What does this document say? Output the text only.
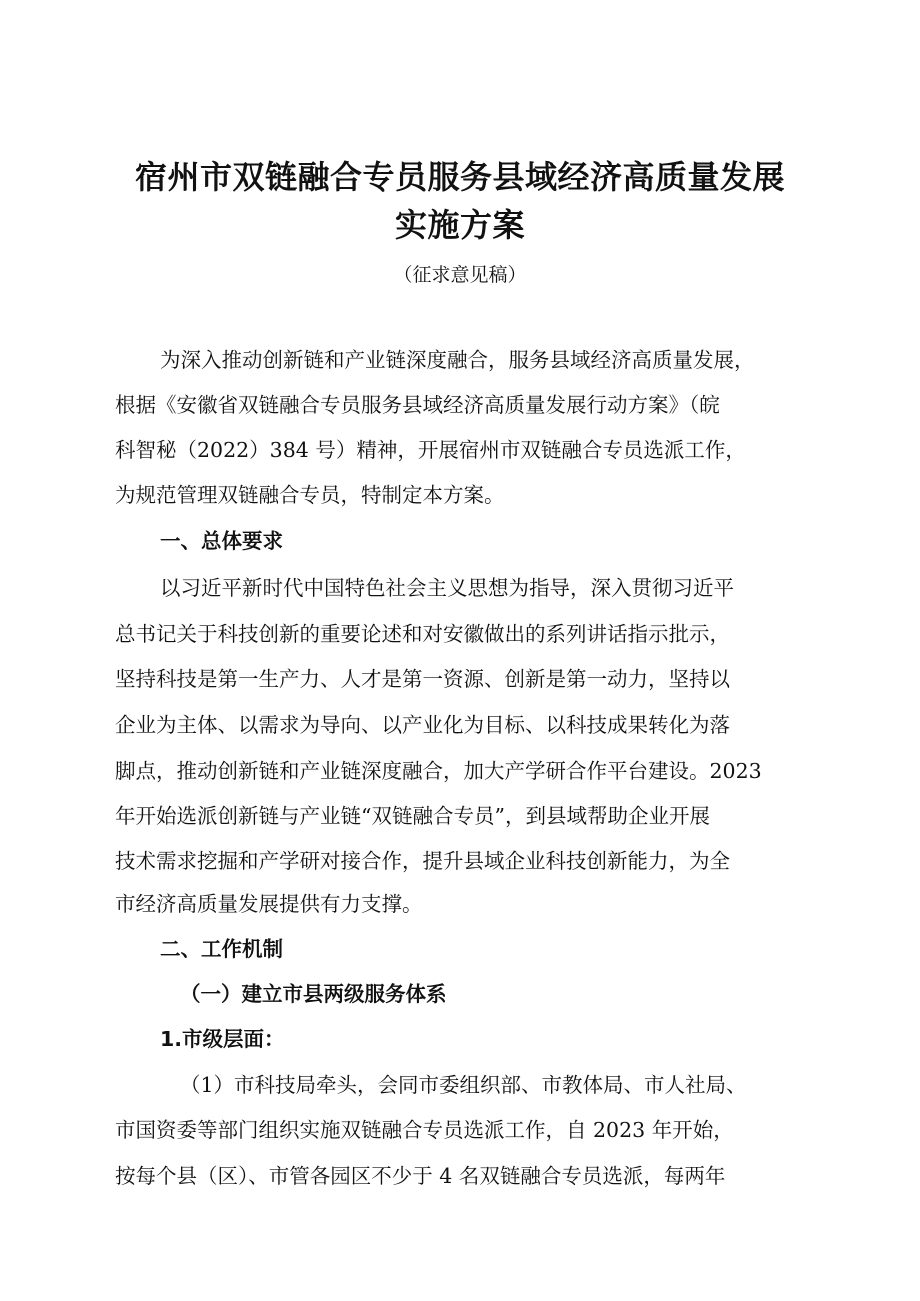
宿州市双链融合专员服务县域经济高质量发展
实施方案
（征求意见稿）
为深入推动创新链和产业链深度融合，服务县域经济高质量发展，
根据《安徽省双链融合专员服务县域经济高质量发展行动方案》（皖
科智秘（2022）384 号）精神，开展宿州市双链融合专员选派工作，
为规范管理双链融合专员，特制定本方案。
一、总体要求
以习近平新时代中国特色社会主义思想为指导，深入贯彻习近平
总书记关于科技创新的重要论述和对安徽做出的系列讲话指示批示，
坚持科技是第一生产力、人才是第一资源、创新是第一动力，坚持以
企业为主体、以需求为导向、以产业化为目标、以科技成果转化为落
脚点，推动创新链和产业链深度融合，加大产学研合作平台建设。2023
年开始选派创新链与产业链“双链融合专员”，到县域帮助企业开展
技术需求挖掘和产学研对接合作，提升县域企业科技创新能力，为全
市经济高质量发展提供有力支撑。
二、工作机制
（一）建立市县两级服务体系
1.市级层面：
（1）市科技局牵头，会同市委组织部、市教体局、市人社局、
市国资委等部门组织实施双链融合专员选派工作，自 2023 年开始，
按每个县（区）、市管各园区不少于 4 名双链融合专员选派，每两年
